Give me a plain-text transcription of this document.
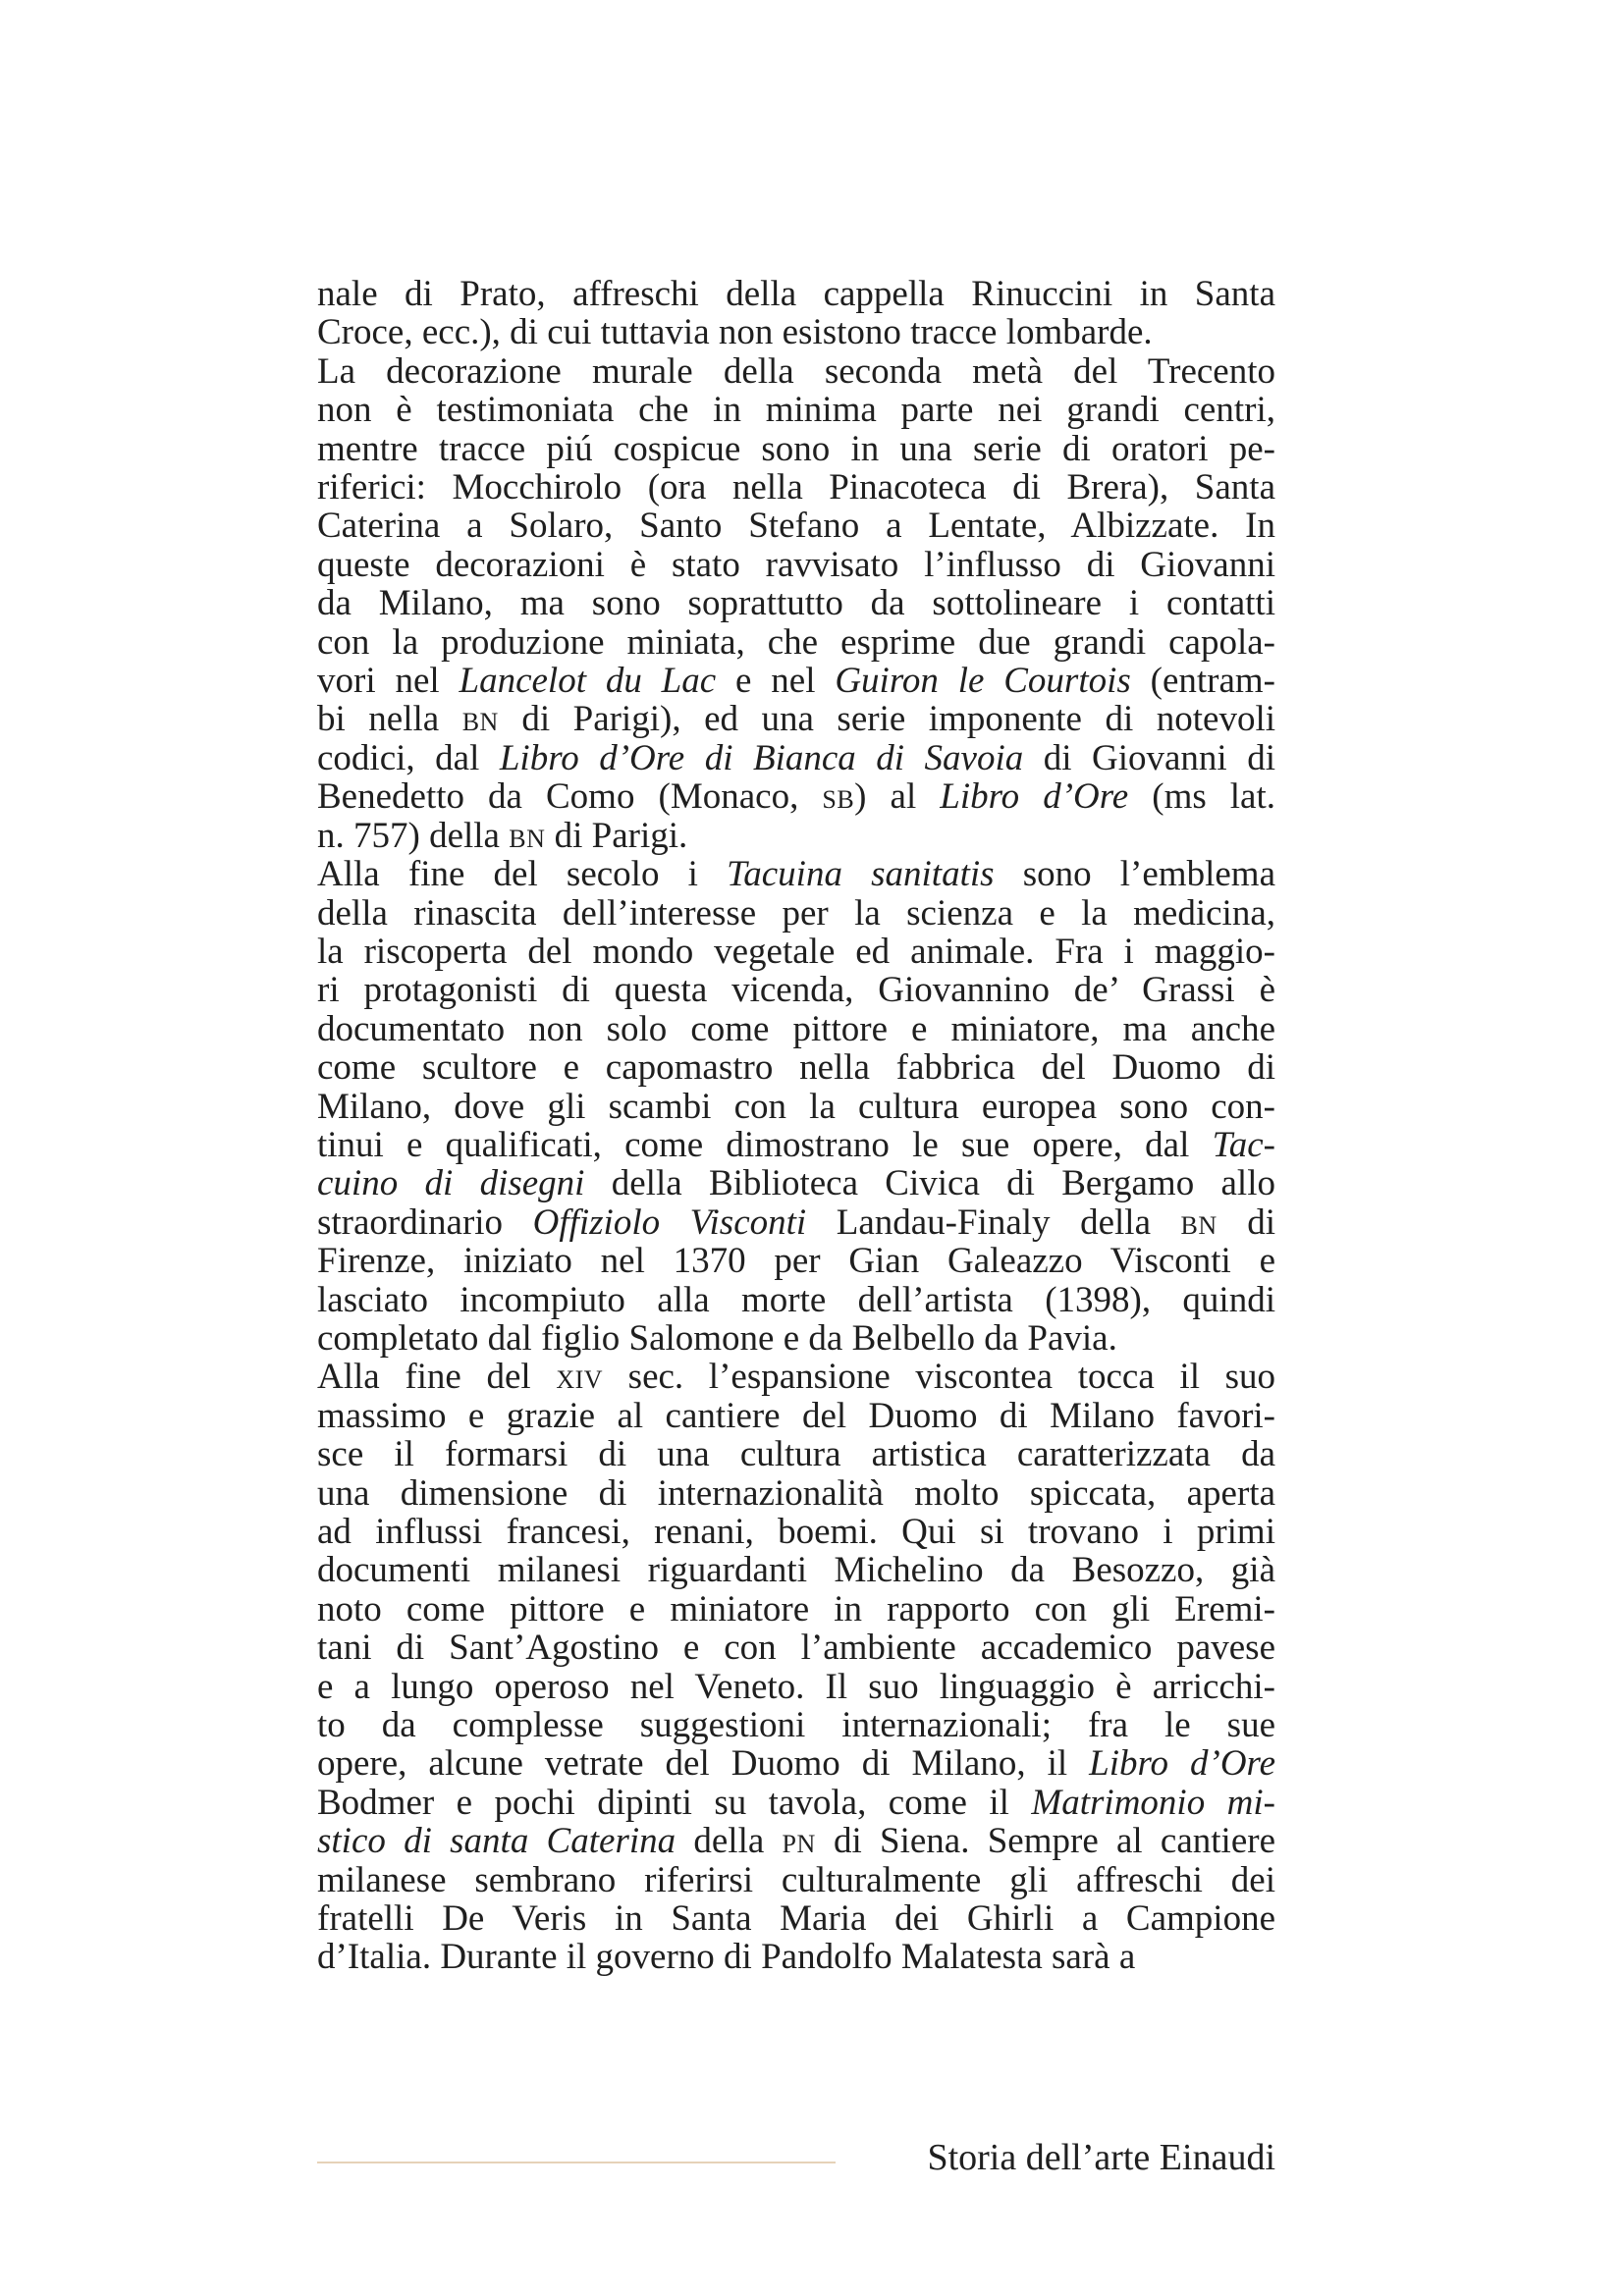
nale di Prato, affreschi della cappella Rinuccini in Santa
Croce, ecc.), di cui tuttavia non esistono tracce lombarde.

La decorazione murale della seconda metà del Trecento
non è testimoniata che in minima parte nei grandi centri,
mentre tracce piú cospicue sono in una serie di oratori pe-
riferici: Mocchirolo (ora nella Pinacoteca di Brera), Santa
Caterina a Solaro, Santo Stefano a Lentate, Albizzate. In
queste decorazioni è stato ravvisato l’influsso di Giovanni
da Milano, ma sono soprattutto da sottolineare i contatti
con la produzione miniata, che esprime due grandi capola-
vori nel Lancelot du Lac e nel Guiron le Courtois (entram-
bi nella bn di Parigi), ed una serie imponente di notevoli
codici, dal Libro d’Ore di Bianca di Savoia di Giovanni di
Benedetto da Como (Monaco, sb) al Libro d’Ore (ms lat.
n. 757) della bn di Parigi.

Alla fine del secolo i Tacuina sanitatis sono l’emblema
della rinascita dell’interesse per la scienza e la medicina,
la riscoperta del mondo vegetale ed animale. Fra i maggio-
ri protagonisti di questa vicenda, Giovannino de’ Grassi è
documentato non solo come pittore e miniatore, ma anche
come scultore e capomastro nella fabbrica del Duomo di
Milano, dove gli scambi con la cultura europea sono con-
tinui e qualificati, come dimostrano le sue opere, dal Tac-
cuino di disegni della Biblioteca Civica di Bergamo allo
straordinario Offiziolo Visconti Landau-Finaly della bn di
Firenze, iniziato nel 1370 per Gian Galeazzo Visconti e
lasciato incompiuto alla morte dell’artista (1398), quindi
completato dal figlio Salomone e da Belbello da Pavia.

Alla fine del xiv sec. l’espansione viscontea tocca il suo
massimo e grazie al cantiere del Duomo di Milano favori-
sce il formarsi di una cultura artistica caratterizzata da
una dimensione di internazionalità molto spiccata, aperta
ad influssi francesi, renani, boemi. Qui si trovano i primi
documenti milanesi riguardanti Michelino da Besozzo, già
noto come pittore e miniatore in rapporto con gli Eremi-
tani di Sant’Agostino e con l’ambiente accademico pavese
e a lungo operoso nel Veneto. Il suo linguaggio è arricchi-
to da complesse suggestioni internazionali; fra le sue
opere, alcune vetrate del Duomo di Milano, il Libro d’Ore
Bodmer e pochi dipinti su tavola, come il Matrimonio mi-
stico di santa Caterina della pn di Siena. Sempre al cantiere
milanese sembrano riferirsi culturalmente gli affreschi dei
fratelli De Veris in Santa Maria dei Ghirli a Campione
d’Italia. Durante il governo di Pandolfo Malatesta sarà a

Storia dell’arte Einaudi
